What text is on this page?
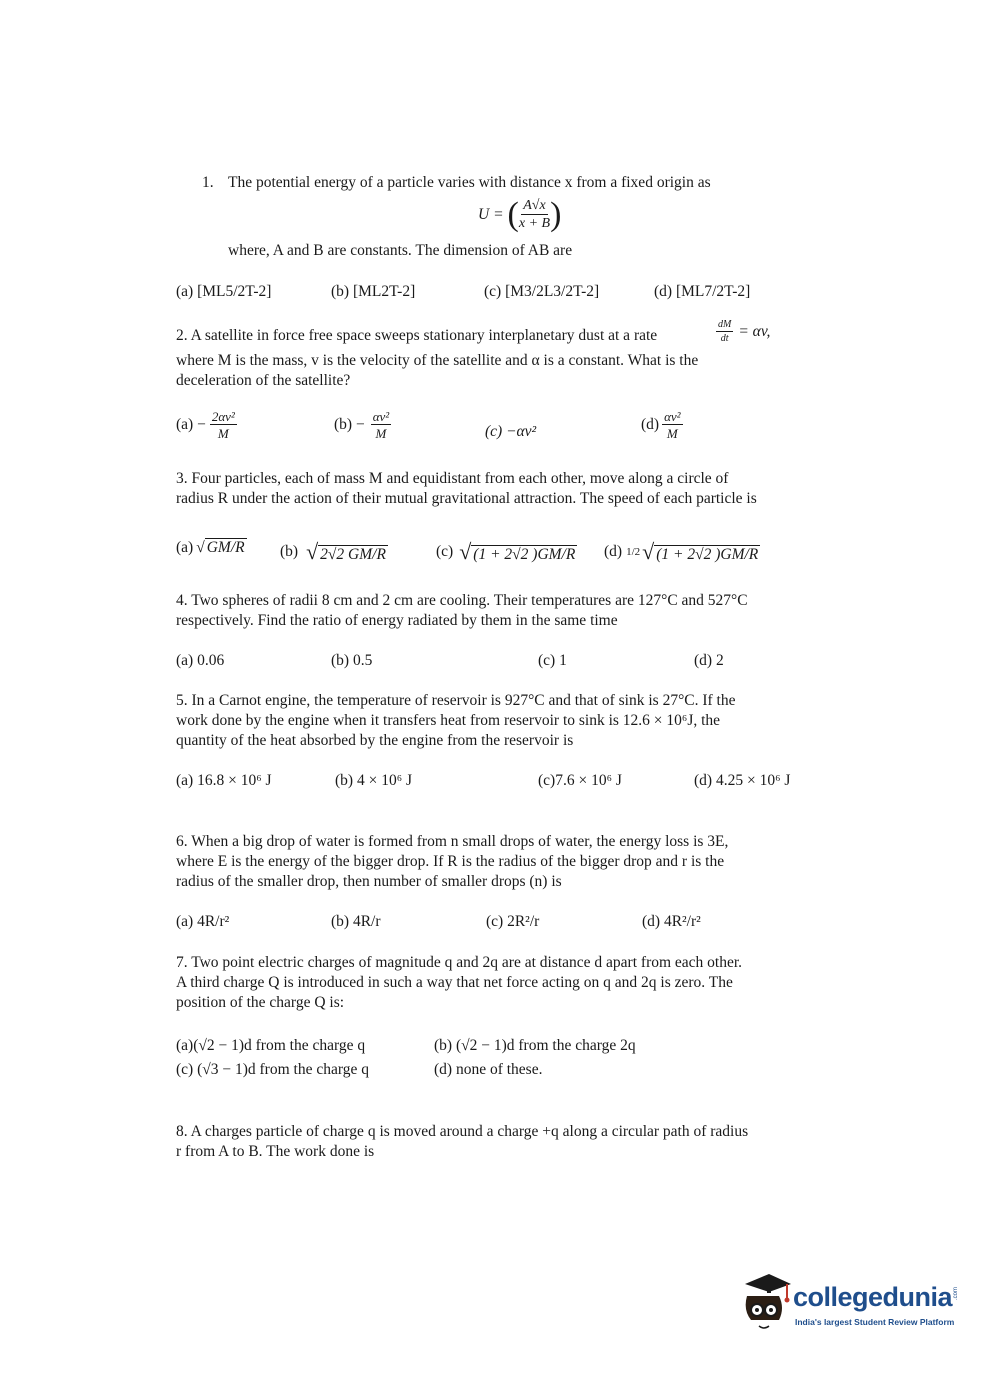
1. The potential energy of a particle varies with distance x from a fixed origin as
U = ( $\frac{A√x}{x + B}$ )
where, A and B are constants. The dimension of AB are
(a) [ML5/2T-2]	(b) [ML2T-2]	(c) [M3/2L3/2T-2]	(d) [ML7/2T-2]
2. A satellite in force free space sweeps stationary interplanetary dust at a rate	$\frac{dM}{dt} = \alpha v$,
where M is the mass, v is the velocity of the satellite and α is a constant. What is the
deceleration of the satellite?
$(a) - \frac{\text{2αv²}}{M}$	$(b) - \frac{\text{αv²}}{M}$	(c) −αv²	$(d) \frac{\text{αv²}}{M}$
3. Four particles, each of mass M and equidistant from each other, move along a circle of
radius R under the action of their mutual gravitational attraction. The speed of each particle is
(a) √ GM/R (b) √ 2√2 GM/R	(c) √ (1 + 2√2 )GM/R (d) 1/2 √ (1 + 2√2 )GM/R
4. Two spheres of radii 8 cm and 2 cm are cooling. Their temperatures are 127°C and 527°C
respectively. Find the ratio of energy radiated by them in the same time
(a) 0.06	(b) 0.5	(c) 1	(d) 2
5. In a Carnot engine, the temperature of reservoir is 927°C and that of sink is 27°C. If the
work done by the engine when it transfers heat from reservoir to sink is 12.6 × 10⁶J, the
quantity of the heat absorbed by the engine from the reservoir is
(a) 16.8 × 10⁶ J	(b) 4 × 10⁶ J	(c)7.6 × 10⁶ J	(d) 4.25 × 10⁶ J
6. When a big drop of water is formed from n small drops of water, the energy loss is 3E,
where E is the energy of the bigger drop. If R is the radius of the bigger drop and r is the
radius of the smaller drop, then number of smaller drops (n) is
(a) 4R/r²	(b) 4R/r	(c) 2R²/r	(d) 4R²/r²
7. Two point electric charges of magnitude q and 2q are at distance d apart from each other.
A third charge Q is introduced in such a way that net force acting on q and 2q is zero. The
position of the charge Q is:
(a)(√2 − 1)d from the charge q	(b) (√2 − 1)d from the charge 2q
(c) (√3 − 1)d from the charge q	(d) none of these.
8. A charges particle of charge q is moved around a charge +q along a circular path of radius
r from A to B. The work done is
collegedunia .com
India's largest Student Review Platform
